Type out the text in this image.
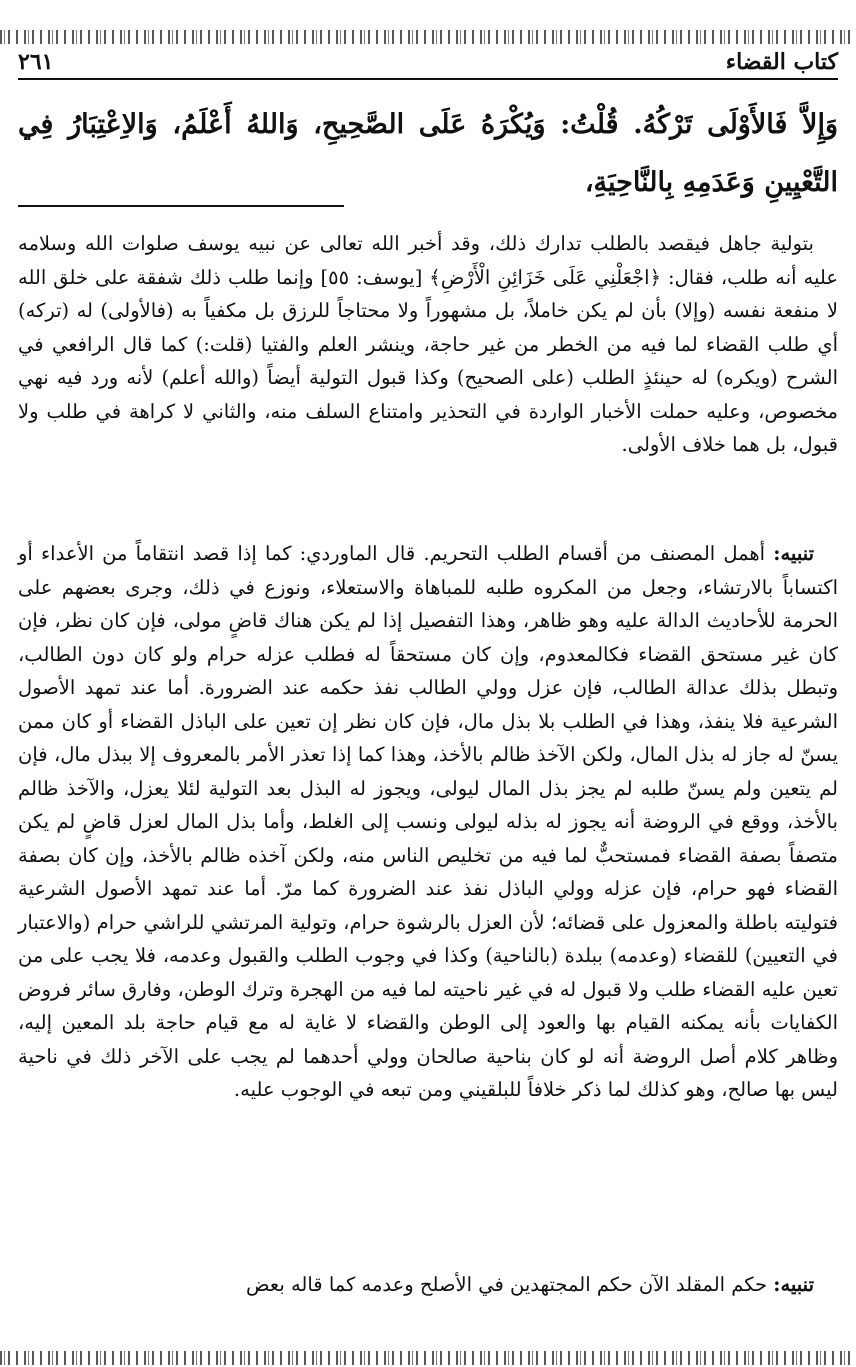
كتاب القضاء
٢٦١
وَإِلاَّ فَالأَوْلَى تَرْكُهُ. قُلْتُ: وَيُكْرَهُ عَلَى الصَّحِيحِ، وَاللهُ أَعْلَمُ، وَالاِعْتِبَارُ فِي التَّعْيِينِ وَعَدَمِهِ بِالنَّاحِيَةِ،

بتولية جاهل فيقصد بالطلب تدارك ذلك، وقد أخبر الله تعالى عن نبيه يوسف صلوات الله وسلامه عليه أنه طلب، فقال: ﴿اجْعَلْنِي عَلَى خَزَائِنِ الْأَرْضِ﴾ [يوسف: ٥٥] وإنما طلب ذلك شفقة على خلق الله لا منفعة نفسه (وإلا) بأن لم يكن خاملاً، بل مشهوراً ولا محتاجاً للرزق بل مكفياً به (فالأولى) له (تركه) أي طلب القضاء لما فيه من الخطر من غير حاجة، وينشر العلم والفتيا (قلت:) كما قال الرافعي في الشرح (ويكره) له حينئذٍ الطلب (على الصحيح) وكذا قبول التولية أيضاً (والله أعلم) لأنه ورد فيه نهي مخصوص، وعليه حملت الأخبار الواردة في التحذير وامتناع السلف منه، والثاني لا كراهة في طلب ولا قبول، بل هما خلاف الأولى.

تنبيه: أهمل المصنف من أقسام الطلب التحريم. قال الماوردي: كما إذا قصد انتقاماً من الأعداء أو اكتساباً بالارتشاء، وجعل من المكروه طلبه للمباهاة والاستعلاء، ونوزع في ذلك، وجرى بعضهم على الحرمة للأحاديث الدالة عليه وهو ظاهر، وهذا التفصيل إذا لم يكن هناك قاضٍ مولى، فإن كان نظر، فإن كان غير مستحق القضاء فكالمعدوم، وإن كان مستحقاً له فطلب عزله حرام ولو كان دون الطالب، وتبطل بذلك عدالة الطالب، فإن عزل وولي الطالب نفذ حكمه عند الضرورة. أما عند تمهد الأصول الشرعية فلا ينفذ، وهذا في الطلب بلا بذل مال، فإن كان نظر إن تعين على الباذل القضاء أو كان ممن يسنّ له جاز له بذل المال، ولكن الآخذ ظالم بالأخذ، وهذا كما إذا تعذر الأمر بالمعروف إلا ببذل مال، فإن لم يتعين ولم يسنّ طلبه لم يجز بذل المال ليولى، ويجوز له البذل بعد التولية لئلا يعزل، والآخذ ظالم بالأخذ، ووقع في الروضة أنه يجوز له بذله ليولى ونسب إلى الغلط، وأما بذل المال لعزل قاضٍ لم يكن متصفاً بصفة القضاء فمستحبٌّ لما فيه من تخليص الناس منه، ولكن آخذه ظالم بالأخذ، وإن كان بصفة القضاء فهو حرام، فإن عزله وولي الباذل نفذ عند الضرورة كما مرّ. أما عند تمهد الأصول الشرعية فتوليته باطلة والمعزول على قضائه؛ لأن العزل بالرشوة حرام، وتولية المرتشي للراشي حرام (والاعتبار في التعيين) للقضاء (وعدمه) ببلدة (بالناحية) وكذا في وجوب الطلب والقبول وعدمه، فلا يجب على من تعين عليه القضاء طلب ولا قبول له في غير ناحيته لما فيه من الهجرة وترك الوطن، وفارق سائر فروض الكفايات بأنه يمكنه القيام بها والعود إلى الوطن والقضاء لا غاية له مع قيام حاجة بلد المعين إليه، وظاهر كلام أصل الروضة أنه لو كان بناحية صالحان وولي أحدهما لم يجب على الآخر ذلك في ناحية ليس بها صالح، وهو كذلك لما ذكر خلافاً للبلقيني ومن تبعه في الوجوب عليه.

تنبيه: حكم المقلد الآن حكم المجتهدين في الأصلح وعدمه كما قاله بعض
